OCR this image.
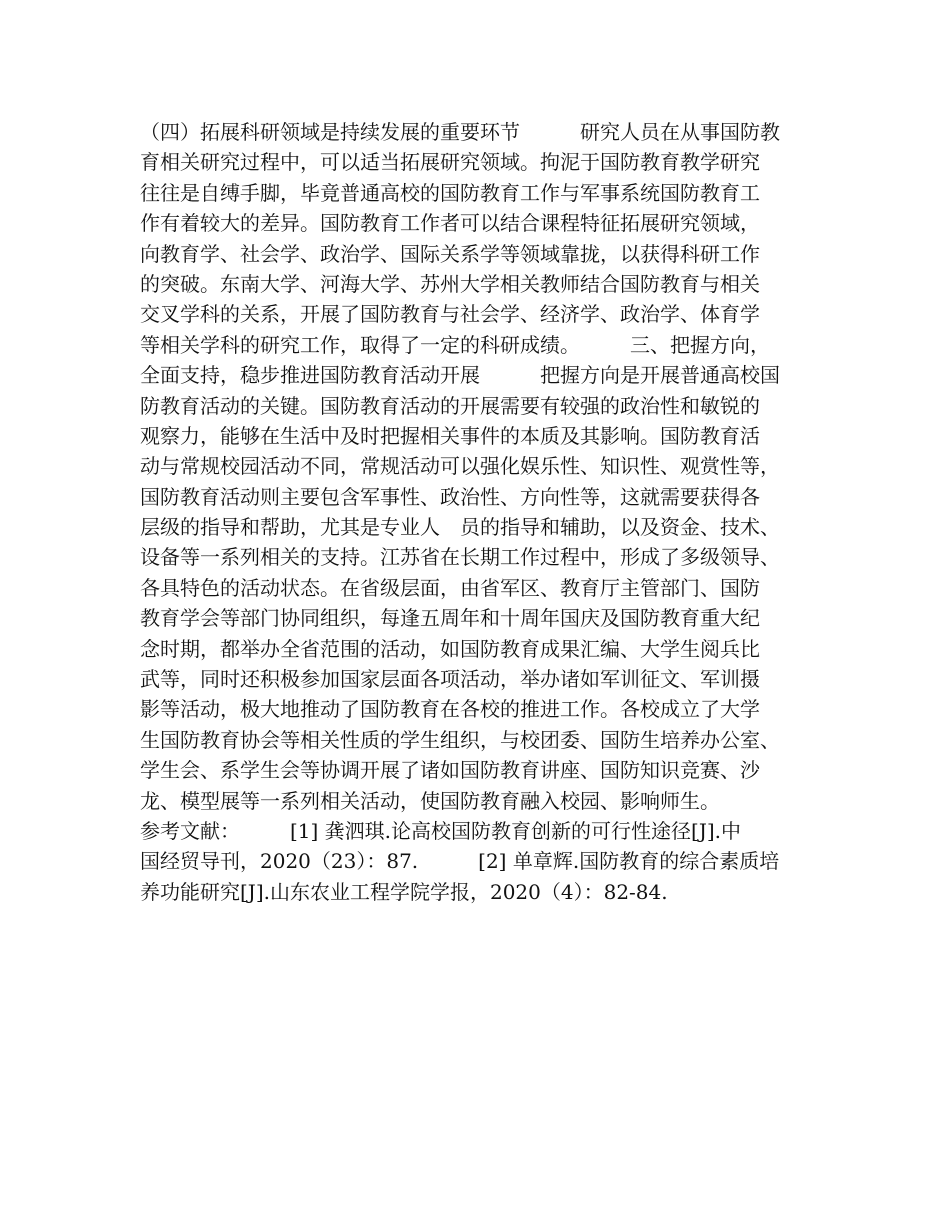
（四）拓展科研领域是持续发展的重要环节　　　研究人员在从事国防教
育相关研究过程中，可以适当拓展研究领域。拘泥于国防教育教学研究
往往是自缚手脚，毕竟普通高校的国防教育工作与军事系统国防教育工
作有着较大的差异。国防教育工作者可以结合课程特征拓展研究领域，
向教育学、社会学、政治学、国际关系学等领域靠拢，以获得科研工作
的突破。东南大学、河海大学、苏州大学相关教师结合国防教育与相关
交叉学科的关系，开展了国防教育与社会学、经济学、政治学、体育学
等相关学科的研究工作，取得了一定的科研成绩。　　　三、把握方向，
全面支持，稳步推进国防教育活动开展　　　把握方向是开展普通高校国
防教育活动的关键。国防教育活动的开展需要有较强的政治性和敏锐的
观察力，能够在生活中及时把握相关事件的本质及其影响。国防教育活
动与常规校园活动不同，常规活动可以强化娱乐性、知识性、观赏性等，
国防教育活动则主要包含军事性、政治性、方向性等，这就需要获得各
层级的指导和帮助，尤其是专业人　员的指导和辅助，以及资金、技术、
设备等一系列相关的支持。江苏省在长期工作过程中，形成了多级领导、
各具特色的活动状态。在省级层面，由省军区、教育厅主管部门、国防
教育学会等部门协同组织，每逢五周年和十周年国庆及国防教育重大纪
念时期，都举办全省范围的活动，如国防教育成果汇编、大学生阅兵比
武等，同时还积极参加国家层面各项活动，举办诸如军训征文、军训摄
影等活动，极大地推动了国防教育在各校的推进工作。各校成立了大学
生国防教育协会等相关性质的学生组织，与校团委、国防生培养办公室、
学生会、系学生会等协调开展了诸如国防教育讲座、国防知识竞赛、沙
龙、模型展等一系列相关活动，使国防教育融入校园、影响师生。
参考文献：　　　[1] 龚泗琪.论高校国防教育创新的可行性途径[J].中
国经贸导刊，2020（23）：87.　　　[2] 单章辉.国防教育的综合素质培
养功能研究[J].山东农业工程学院学报，2020（4）：82-84.
